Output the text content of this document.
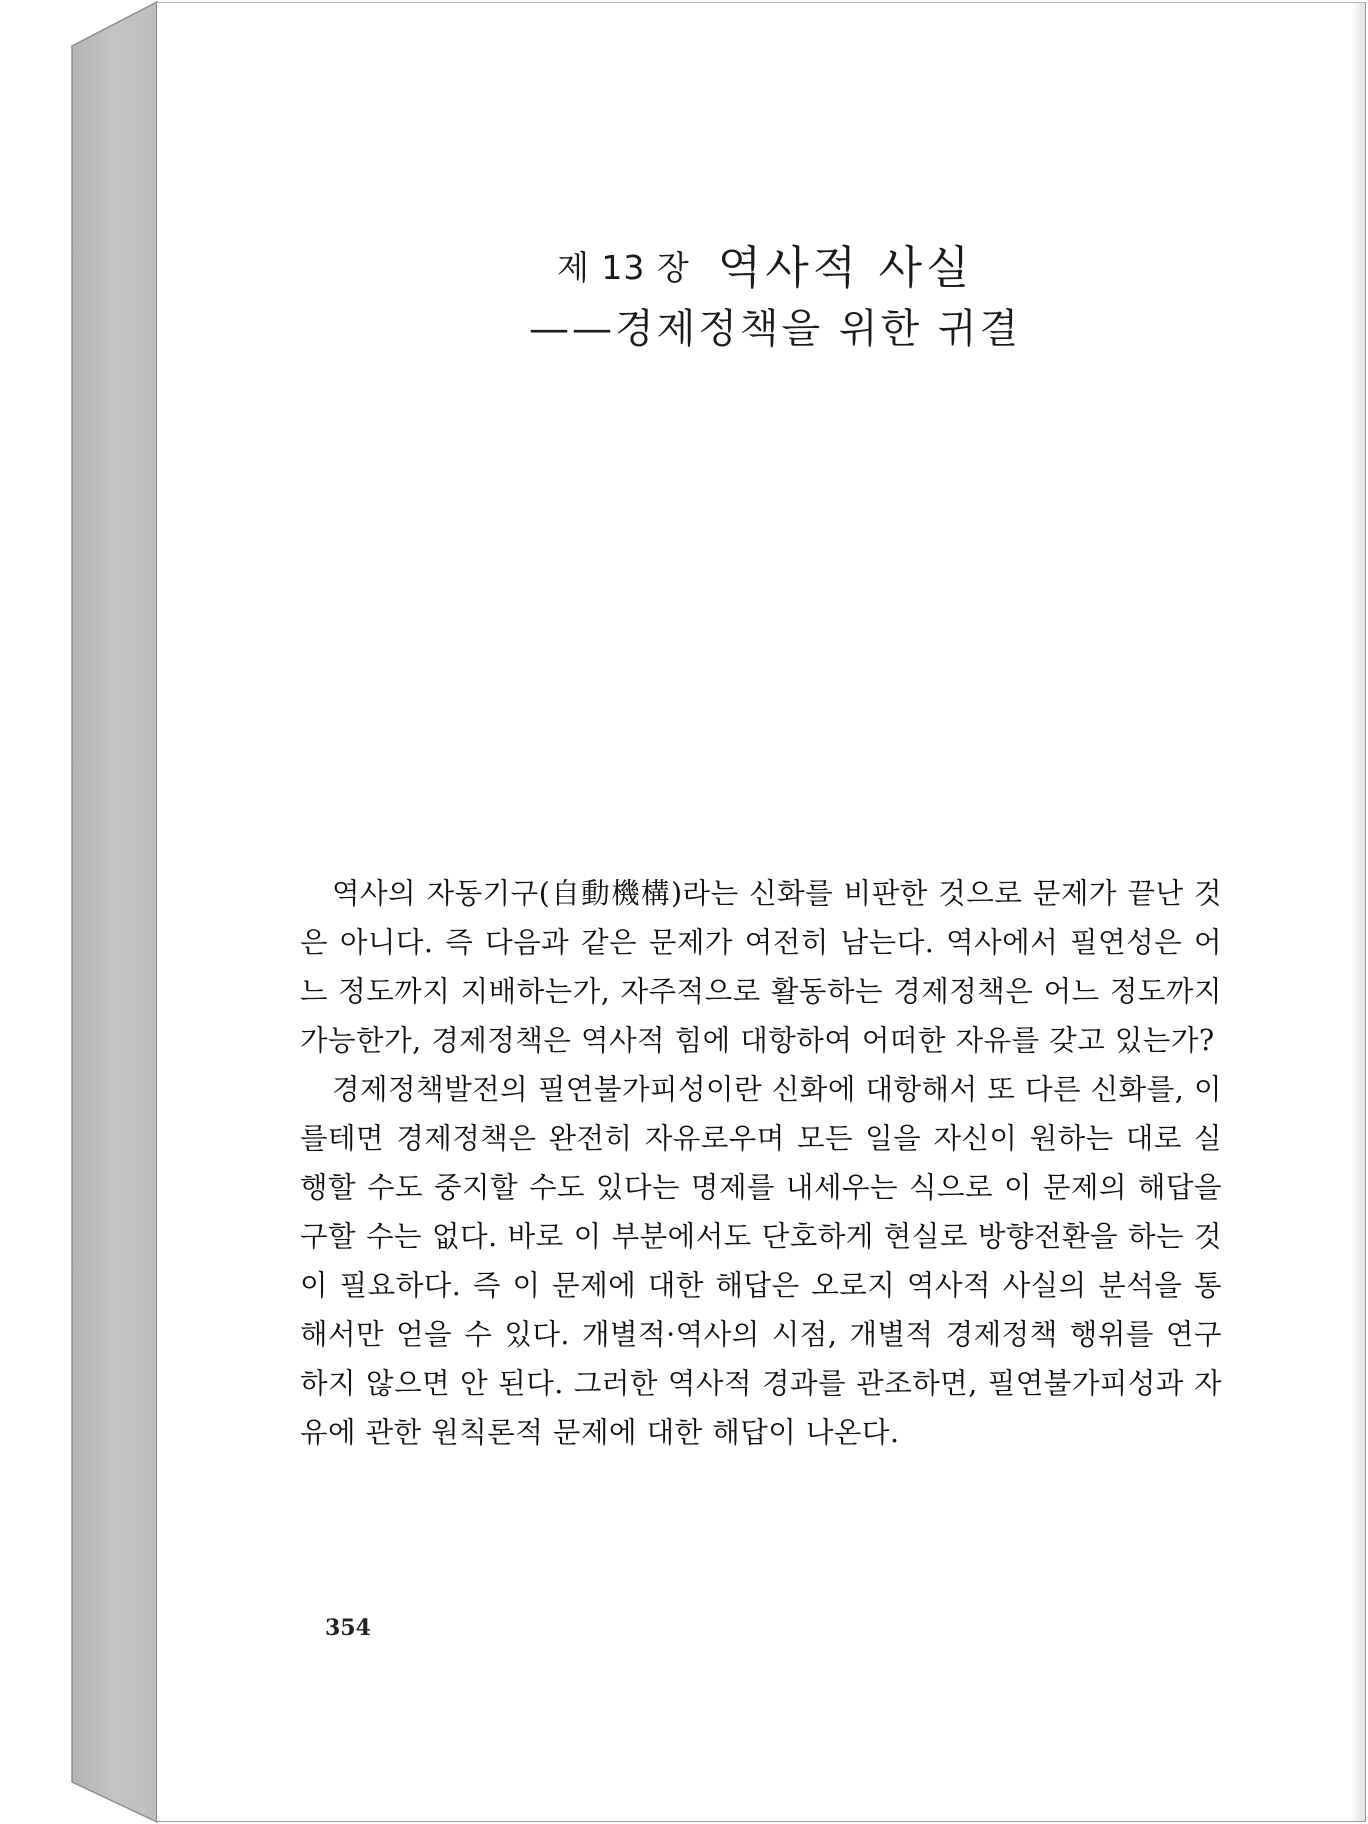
제 13 장 역사적 사실
——경제정책을 위한 귀결

역사의 자동기구(自動機構)라는 신화를 비판한 것으로 문제가 끝난 것은 아니다. 즉 다음과 같은 문제가 여전히 남는다. 역사에서 필연성은 어느 정도까지 지배하는가, 자주적으로 활동하는 경제정책은 어느 정도까지 가능한가, 경제정책은 역사적 힘에 대항하여 어떠한 자유를 갖고 있는가?

경제정책발전의 필연불가피성이란 신화에 대항해서 또 다른 신화를, 이를테면 경제정책은 완전히 자유로우며 모든 일을 자신이 원하는 대로 실행할 수도 중지할 수도 있다는 명제를 내세우는 식으로 이 문제의 해답을 구할 수는 없다. 바로 이 부분에서도 단호하게 현실로 방향전환을 하는 것이 필요하다. 즉 이 문제에 대한 해답은 오로지 역사적 사실의 분석을 통해서만 얻을 수 있다. 개별적·역사의 시점, 개별적 경제정책 행위를 연구하지 않으면 안 된다. 그러한 역사적 경과를 관조하면, 필연불가피성과 자유에 관한 원칙론적 문제에 대한 해답이 나온다.

354
